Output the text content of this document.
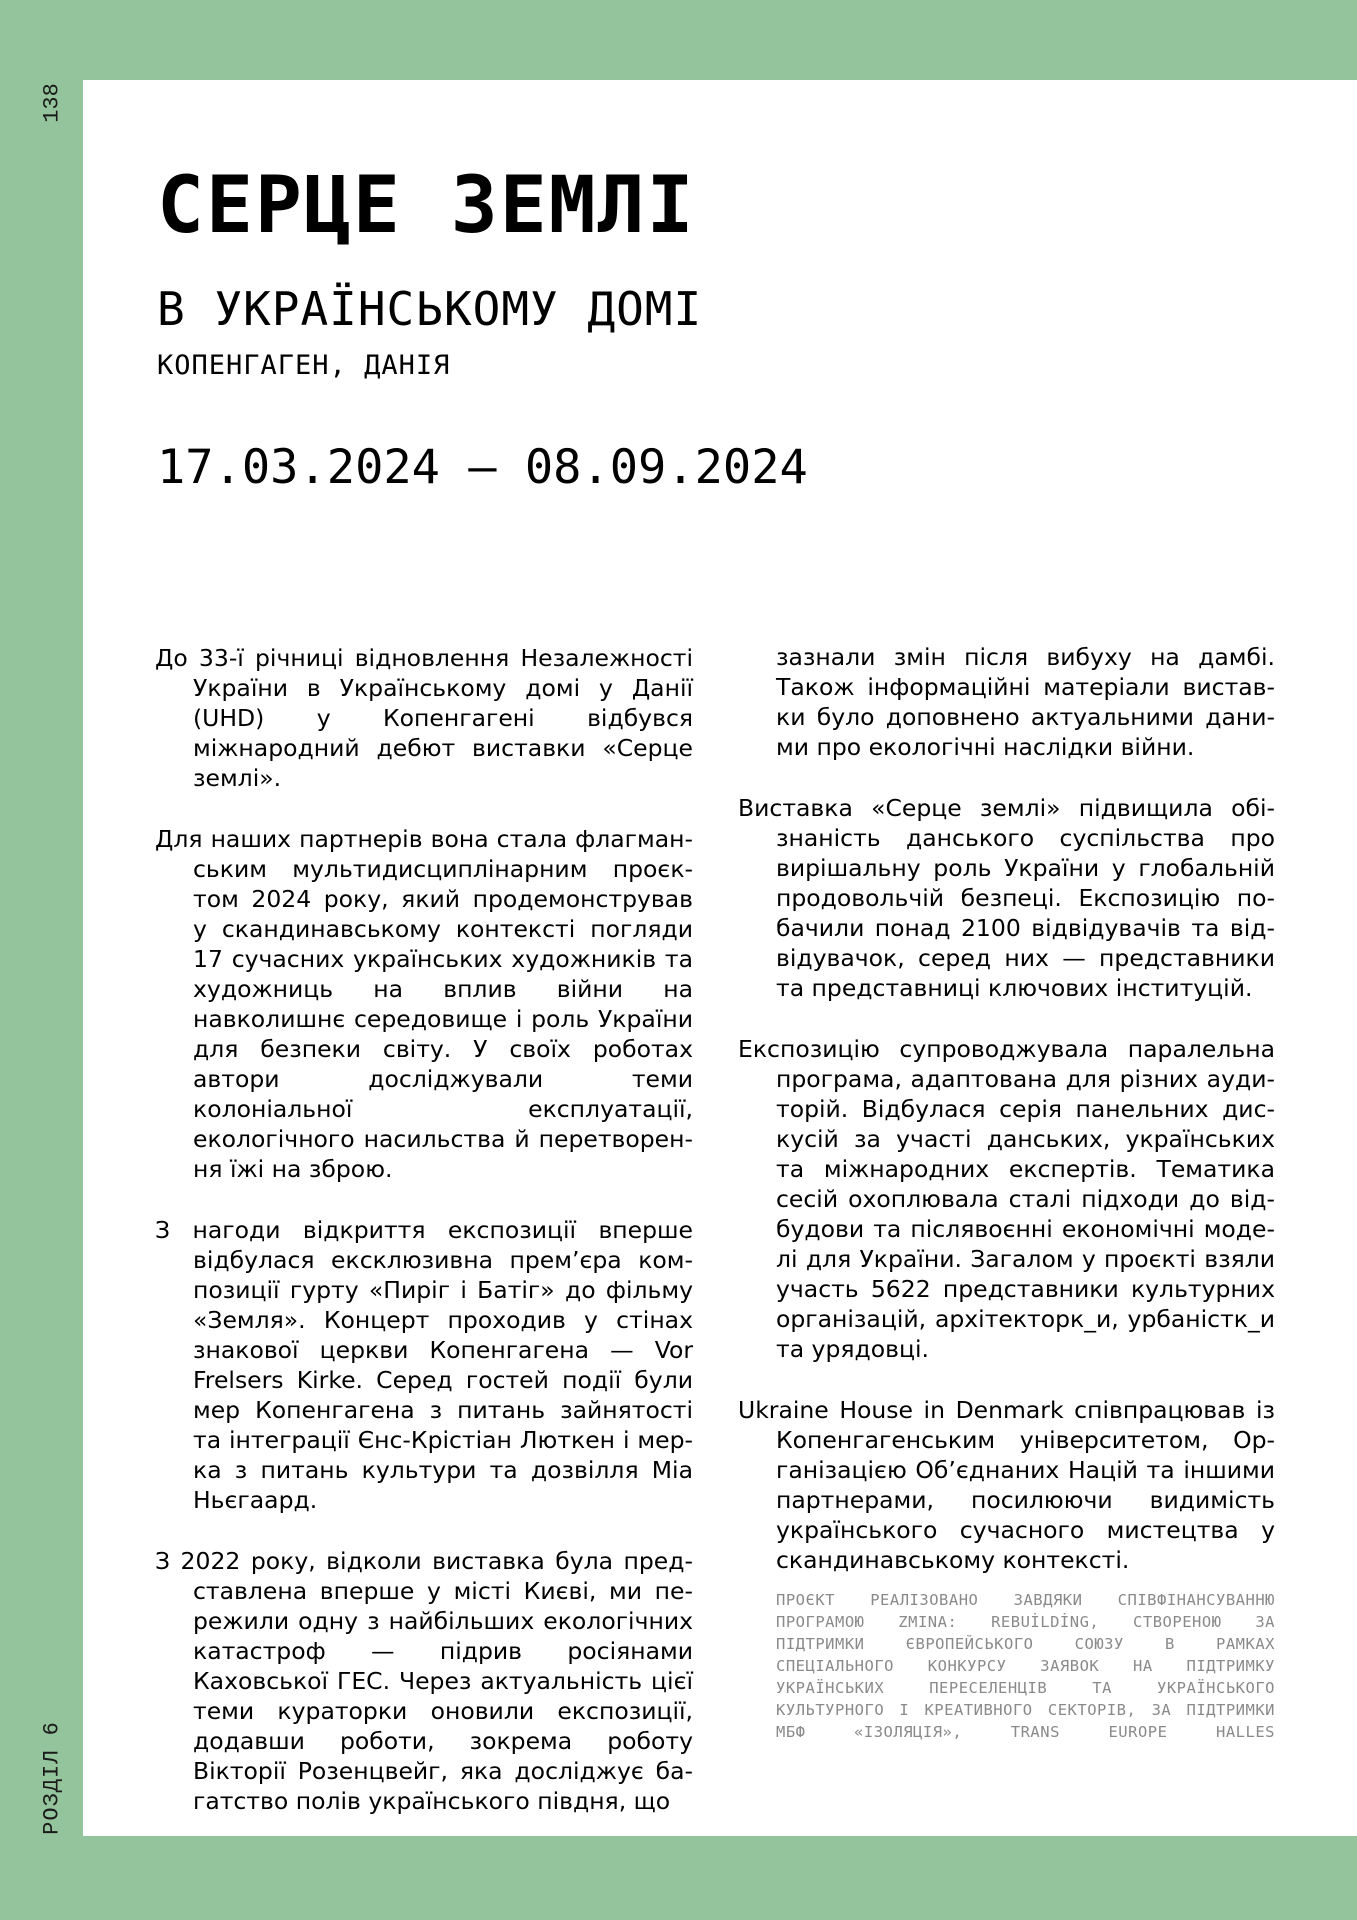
138
РОЗДІЛ 6
СЕРЦЕ ЗЕМЛІ
В УКРАЇНСЬКОМУ ДОМІ
КОПЕНГАГЕН, ДАНІЯ
17.03.2024 — 08.09.2024

До 33-ї річниці відновлення Незалежності України в Українському домі у Данії (UHD) у Копенгагені відбувся міжнародний дебют виставки «Серце землі».

Для наших партнерів вона стала флагманським мультидисциплінарним проєктом 2024 року, який продемонстрував у скандинавському контексті погляди 17 сучасних українських художників та художниць на вплив війни на навколишнє середовище і роль України для безпеки світу. У своїх роботах автори досліджували теми колоніальної експлуатації, екологічного насильства й перетворення їжі на зброю.

З нагоди відкриття експозиції вперше відбулася ексклюзивна прем’єра композиції гурту «Пиріг і Батіг» до фільму «Земля». Концерт проходив у стінах знакової церкви Копенгагена — Vor Frelsers Kirke. Серед гостей події були мер Копенгагена з питань зайнятості та інтеграції Єнс-Крістіан Люткен і мерка з питань культури та дозвілля Міа Ньєгаард.

З 2022 року, відколи виставка була представлена вперше у місті Києві, ми пережили одну з найбільших екологічних катастроф — підрив росіянами Каховської ГЕС. Через актуальність цієї теми кураторки оновили експозиції, додавши роботи, зокрема роботу Вікторії Розенцвейг, яка досліджує багатство полів українського півдня, що

зазнали змін після вибуху на дамбі. Також інформаційні матеріали виставки було доповнено актуальними даними про екологічні наслідки війни.

Виставка «Серце землі» підвищила обізнаність данського суспільства про вирішальну роль України у глобальній продовольчій безпеці. Експозицію побачили понад 2100 відвідувачів та відвідувачок, серед них — представники та представниці ключових інституцій.

Експозицію супроводжувала паралельна програма, адаптована для різних аудиторій. Відбулася серія панельних дискусій за участі данських, українських та міжнародних експертів. Тематика сесій охоплювала сталі підходи до відбудови та післявоєнні економічні моделі для України. Загалом у проєкті взяли участь 5622 представники культурних організацій, архітекторк_и, урбаністк_и та урядовці.

Ukraine House in Denmark співпрацював із Копенгагенським університетом, Організацією Об’єднаних Націй та іншими партнерами, посилюючи видимість українського сучасного мистецтва у скандинавському контексті.

ПРОЄКТ РЕАЛІЗОВАНО ЗАВДЯКИ СПІВФІНАНСУВАННЮ ПРОГРАМОЮ ZMINA: REBUİLDİNG, СТВОРЕНОЮ ЗА ПІДТРИМКИ ЄВРОПЕЙСЬКОГО СОЮЗУ В РАМКАХ СПЕЦІАЛЬНОГО КОНКУРСУ ЗАЯВОК НА ПІДТРИМКУ УКРАЇНСЬКИХ ПЕРЕСЕЛЕНЦІВ ТА УКРАЇНСЬКОГО КУЛЬТУРНОГО І КРЕАТИВНОГО СЕКТОРІВ, ЗА ПІДТРИМКИ МБФ «ІЗОЛЯЦІЯ», TRANS EUROPE HALLES
